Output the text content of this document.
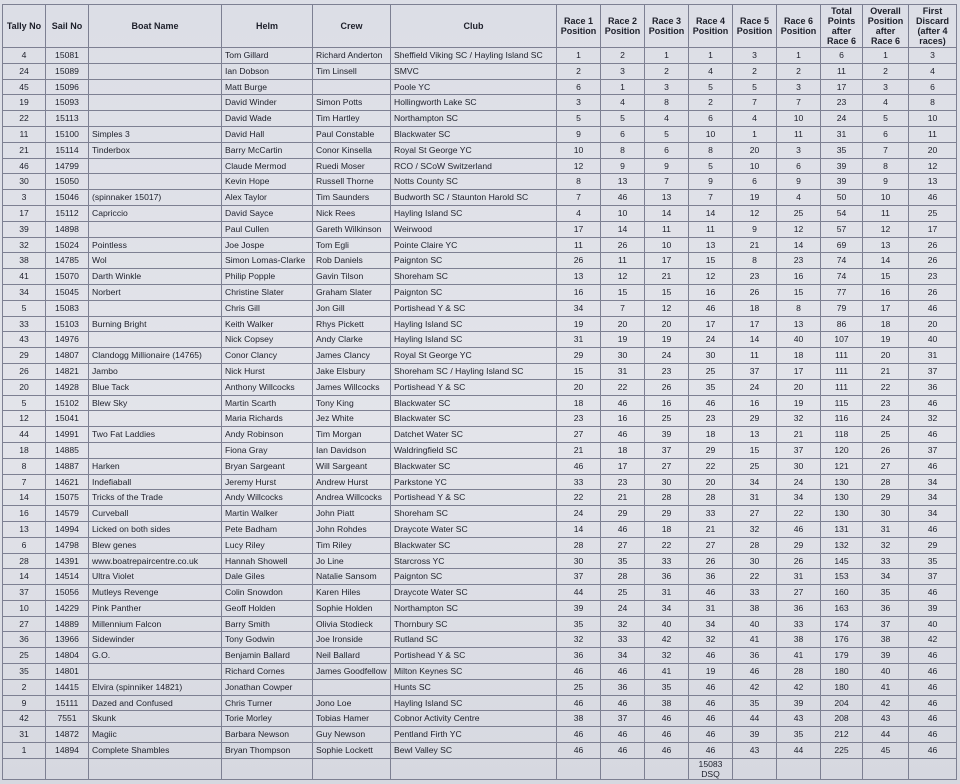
Tally No	Sail No	Boat Name	Helm	Crew	Club	Race 1 Position	Race 2 Position	Race 3 Position	Race 4 Position	Race 5 Position	Race 6 Position	Total Points after Race 6	Overall Position after Race 6	First Discard (after 4 races)
4	15081		Tom Gillard	Richard Anderton	Sheffield Viking SC / Hayling Island SC	1	2	1	1	3	1	6	1	3
24	15089		Ian Dobson	Tim Linsell	SMVC	2	3	2	4	2	2	11	2	4
45	15096		Matt Burge		Poole YC	6	1	3	5	5	3	17	3	6
19	15093		David Winder	Simon Potts	Hollingworth Lake SC	3	4	8	2	7	7	23	4	8
22	15113		David Wade	Tim Hartley	Northampton SC	5	5	4	6	4	10	24	5	10
11	15100	Simples 3	David Hall	Paul Constable	Blackwater SC	9	6	5	10	1	11	31	6	11
21	15114	Tinderbox	Barry McCartin	Conor Kinsella	Royal St George YC	10	8	6	8	20	3	35	7	20
46	14799		Claude Mermod	Ruedi Moser	RCO / SCoW Switzerland	12	9	9	5	10	6	39	8	12
30	15050		Kevin Hope	Russell Thorne	Notts County SC	8	13	7	9	6	9	39	9	13
3	15046	(spinnaker 15017)	Alex Taylor	Tim Saunders	Budworth SC / Staunton Harold SC	7	46	13	7	19	4	50	10	46
17	15112	Capriccio	David Sayce	Nick Rees	Hayling Island SC	4	10	14	14	12	25	54	11	25
39	14898		Paul Cullen	Gareth Wilkinson	Weirwood	17	14	11	11	9	12	57	12	17
32	15024	Pointless	Joe Jospe	Tom Egli	Pointe Claire YC	11	26	10	13	21	14	69	13	26
38	14785	Wol	Simon Lomas-Clarke	Rob Daniels	Paignton SC	26	11	17	15	8	23	74	14	26
41	15070	Darth Winkle	Philip Popple	Gavin Tilson	Shoreham SC	13	12	21	12	23	16	74	15	23
34	15045	Norbert	Christine Slater	Graham Slater	Paignton SC	16	15	15	16	26	15	77	16	26
5	15083		Chris Gill	Jon Gill	Portishead Y & SC	34	7	12	46	18	8	79	17	46
33	15103	Burning Bright	Keith Walker	Rhys Pickett	Hayling Island SC	19	20	20	17	17	13	86	18	20
43	14976		Nick Copsey	Andy Clarke	Hayling Island SC	31	19	19	24	14	40	107	19	40
29	14807	Clandogg Millionaire (14765)	Conor Clancy	James Clancy	Royal St George YC	29	30	24	30	11	18	111	20	31
26	14821	Jambo	Nick Hurst	Jake Elsbury	Shoreham SC / Hayling Island SC	15	31	23	25	37	17	111	21	37
20	14928	Blue Tack	Anthony Willcocks	James Willcocks	Portishead Y & SC	20	22	26	35	24	20	111	22	36
5	15102	Blew Sky	Martin Scarth	Tony King	Blackwater SC	18	46	16	46	16	19	115	23	46
12	15041		Maria Richards	Jez White	Blackwater SC	23	16	25	23	29	32	116	24	32
44	14991	Two Fat Laddies	Andy Robinson	Tim Morgan	Datchet Water SC	27	46	39	18	13	21	118	25	46
18	14885		Fiona Gray	Ian Davidson	Waldringfield SC	21	18	37	29	15	37	120	26	37
8	14887	Harken	Bryan Sargeant	Will Sargeant	Blackwater SC	46	17	27	22	25	30	121	27	46
7	14621	Indefiaball	Jeremy Hurst	Andrew Hurst	Parkstone YC	33	23	30	20	34	24	130	28	34
14	15075	Tricks of the Trade	Andy Willcocks	Andrea Willcocks	Portishead Y & SC	22	21	28	28	31	34	130	29	34
16	14579	Curveball	Martin Walker	John Piatt	Shoreham SC	24	29	29	33	27	22	130	30	34
13	14994	Licked on both sides	Pete Badham	John Rohdes	Draycote Water SC	14	46	18	21	32	46	131	31	46
6	14798	Blew genes	Lucy Riley	Tim Riley	Blackwater SC	28	27	22	27	28	29	132	32	29
28	14391	www.boatrepaircentre.co.uk	Hannah Showell	Jo Line	Starcross YC	30	35	33	26	30	26	145	33	35
14	14514	Ultra Violet	Dale Giles	Natalie Sansom	Paignton SC	37	28	36	36	22	31	153	34	37
37	15056	Mutleys Revenge	Colin Snowdon	Karen Hiles	Draycote Water SC	44	25	31	46	33	27	160	35	46
10	14229	Pink Panther	Geoff Holden	Sophie Holden	Northampton SC	39	24	34	31	38	36	163	36	39
27	14889	Millennium Falcon	Barry Smith	Olivia Stodieck	Thornbury SC	35	32	40	34	40	33	174	37	40
36	13966	Sidewinder	Tony Godwin	Joe Ironside	Rutland SC	32	33	42	32	41	38	176	38	42
25	14804	G.O.	Benjamin Ballard	Neil Ballard	Portishead Y & SC	36	34	32	46	36	41	179	39	46
35	14801		Richard Cornes	James Goodfellow	Milton Keynes SC	46	46	41	19	46	28	180	40	46
2	14415	Elvira (spinniker 14821)	Jonathan Cowper		Hunts SC	25	36	35	46	42	42	180	41	46
9	15111	Dazed and Confused	Chris Turner	Jono Loe	Hayling Island SC	46	46	38	46	35	39	204	42	46
42	7551	Skunk	Torie Morley	Tobias Hamer	Cobnor Activity Centre	38	37	46	46	44	43	208	43	46
31	14872	Magiic	Barbara Newson	Guy Newson	Pentland Firth YC	46	46	46	46	39	35	212	44	46
1	14894	Complete Shambles	Bryan Thompson	Sophie Lockett	Bewl Valley SC	46	46	46	46	43	44	225	45	46
									15083 DSQ					
